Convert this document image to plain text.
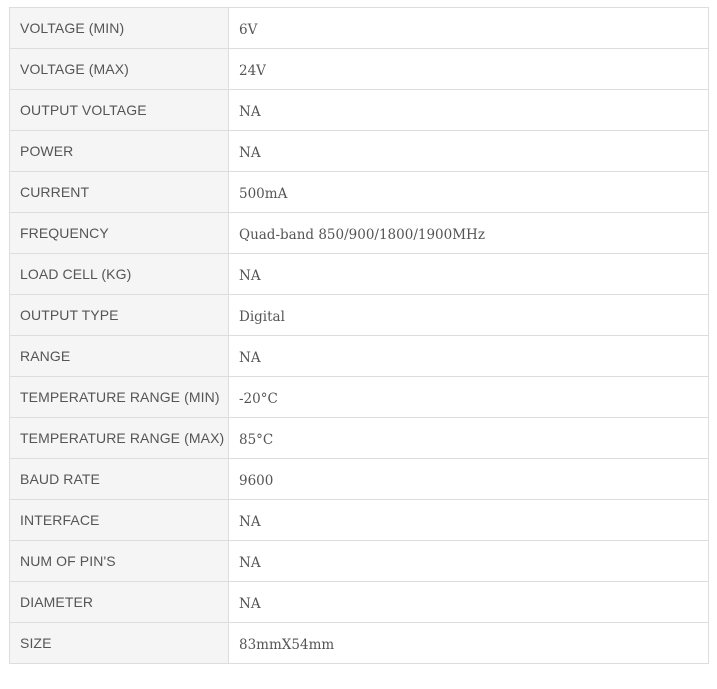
VOLTAGE (MIN)	6V
VOLTAGE (MAX)	24V
OUTPUT VOLTAGE	NA
POWER	NA
CURRENT	500mA
FREQUENCY	Quad-band 850/900/1800/1900MHz
LOAD CELL (KG)	NA
OUTPUT TYPE	Digital
RANGE	NA
TEMPERATURE RANGE (MIN)	-20°C
TEMPERATURE RANGE (MAX)	85°C
BAUD RATE	9600
INTERFACE	NA
NUM OF PIN'S	NA
DIAMETER	NA
SIZE	83mmX54mm
